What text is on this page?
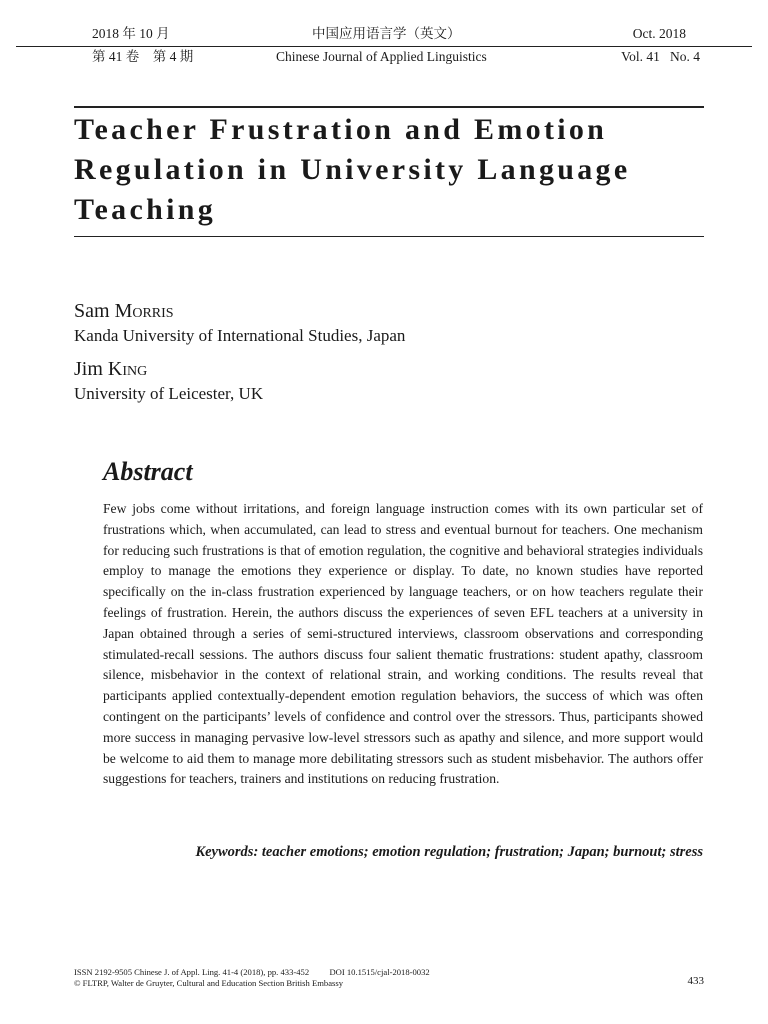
2018 年 10 月	中国应用语言学（英文）	Oct. 2018
第 41 卷　第 4 期	Chinese Journal of Applied Linguistics	Vol. 41   No. 4
Teacher Frustration and Emotion
Regulation in University Language
Teaching
Sam Morris
Kanda University of International Studies, Japan
Jim King
University of Leicester, UK
Abstract

Few jobs come without irritations, and foreign language instruction comes with its own particular set of frustrations which, when accumulated, can lead to stress and eventual burnout for teachers. One mechanism for reducing such frustrations is that of emotion regulation, the cognitive and behavioral strategies individuals employ to manage the emotions they experience or display. To date, no known studies have reported specifically on the in-class frustration experienced by language teachers, or on how teachers regulate their feelings of frustration. Herein, the authors discuss the experiences of seven EFL teachers at a university in Japan obtained through a series of semi-structured interviews, classroom observations and corresponding stimulated-recall sessions. The authors discuss four salient thematic frustrations: student apathy, classroom silence, misbehavior in the context of relational strain, and working conditions. The results reveal that participants applied contextually-dependent emotion regulation behaviors, the success of which was often contingent on the participants’ levels of confidence and control over the stressors. Thus, participants showed more success in managing pervasive low-level stressors such as apathy and silence, and more support would be welcome to aid them to manage more debilitating stressors such as student misbehavior. The authors offer suggestions for teachers, trainers and institutions on reducing frustration.

Keywords: teacher emotions; emotion regulation; frustration; Japan; burnout; stress
ISSN 2192-9505 Chinese J. of Appl. Ling. 41-4 (2018), pp. 433-452 DOI 10.1515/cjal-2018-0032
© FLTRP, Walter de Gruyter, Cultural and Education Section British Embassy	433
